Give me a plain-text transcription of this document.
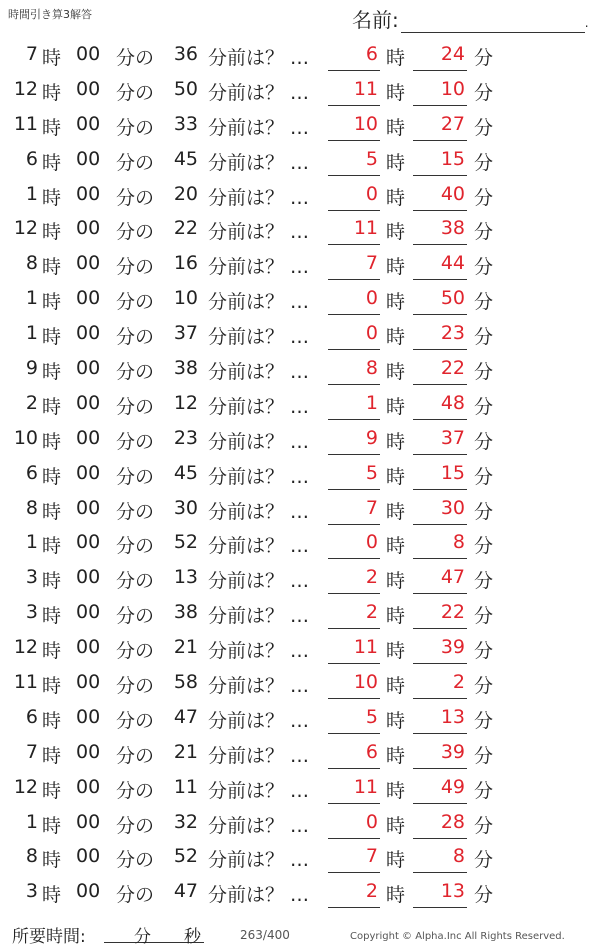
時間引き算3解答	名前:	.
7 時 00 分の	36 分前は？ …	6 時	24 分
12 時 00 分の	50 分前は？ …	11 時	10 分
11 時 00 分の	33 分前は？ …	10 時	27 分
6 時 00 分の	45 分前は？ …	5 時	15 分
1 時 00 分の	20 分前は？ …	0 時	40 分
12 時 00 分の	22 分前は？ …	11 時	38 分
8 時 00 分の	16 分前は？ …	7 時	44 分
1 時 00 分の	10 分前は？ …	0 時	50 分
1 時 00 分の	37 分前は？ …	0 時	23 分
9 時 00 分の	38 分前は？ …	8 時	22 分
2 時 00 分の	12 分前は？ …	1 時	48 分
10 時 00 分の	23 分前は？ …	9 時	37 分
6 時 00 分の	45 分前は？ …	5 時	15 分
8 時 00 分の	30 分前は？ …	7 時	30 分
1 時 00 分の	52 分前は？ …	0 時	8 分
3 時 00 分の	13 分前は？ …	2 時	47 分
3 時 00 分の	38 分前は？ …	2 時	22 分
12 時 00 分の	21 分前は？ …	11 時	39 分
11 時 00 分の	58 分前は？ …	10 時	2 分
6 時 00 分の	47 分前は？ …	5 時	13 分
7 時 00 分の	21 分前は？ …	6 時	39 分
12 時 00 分の	11 分前は？ …	11 時	49 分
1 時 00 分の	32 分前は？ …	0 時	28 分
8 時 00 分の	52 分前は？ …	7 時	8 分
3 時 00 分の	47 分前は？ …	2 時	13 分
所要時間:	分 秒	263/400	Copyright © Alpha.Inc All Rights Reserved.
